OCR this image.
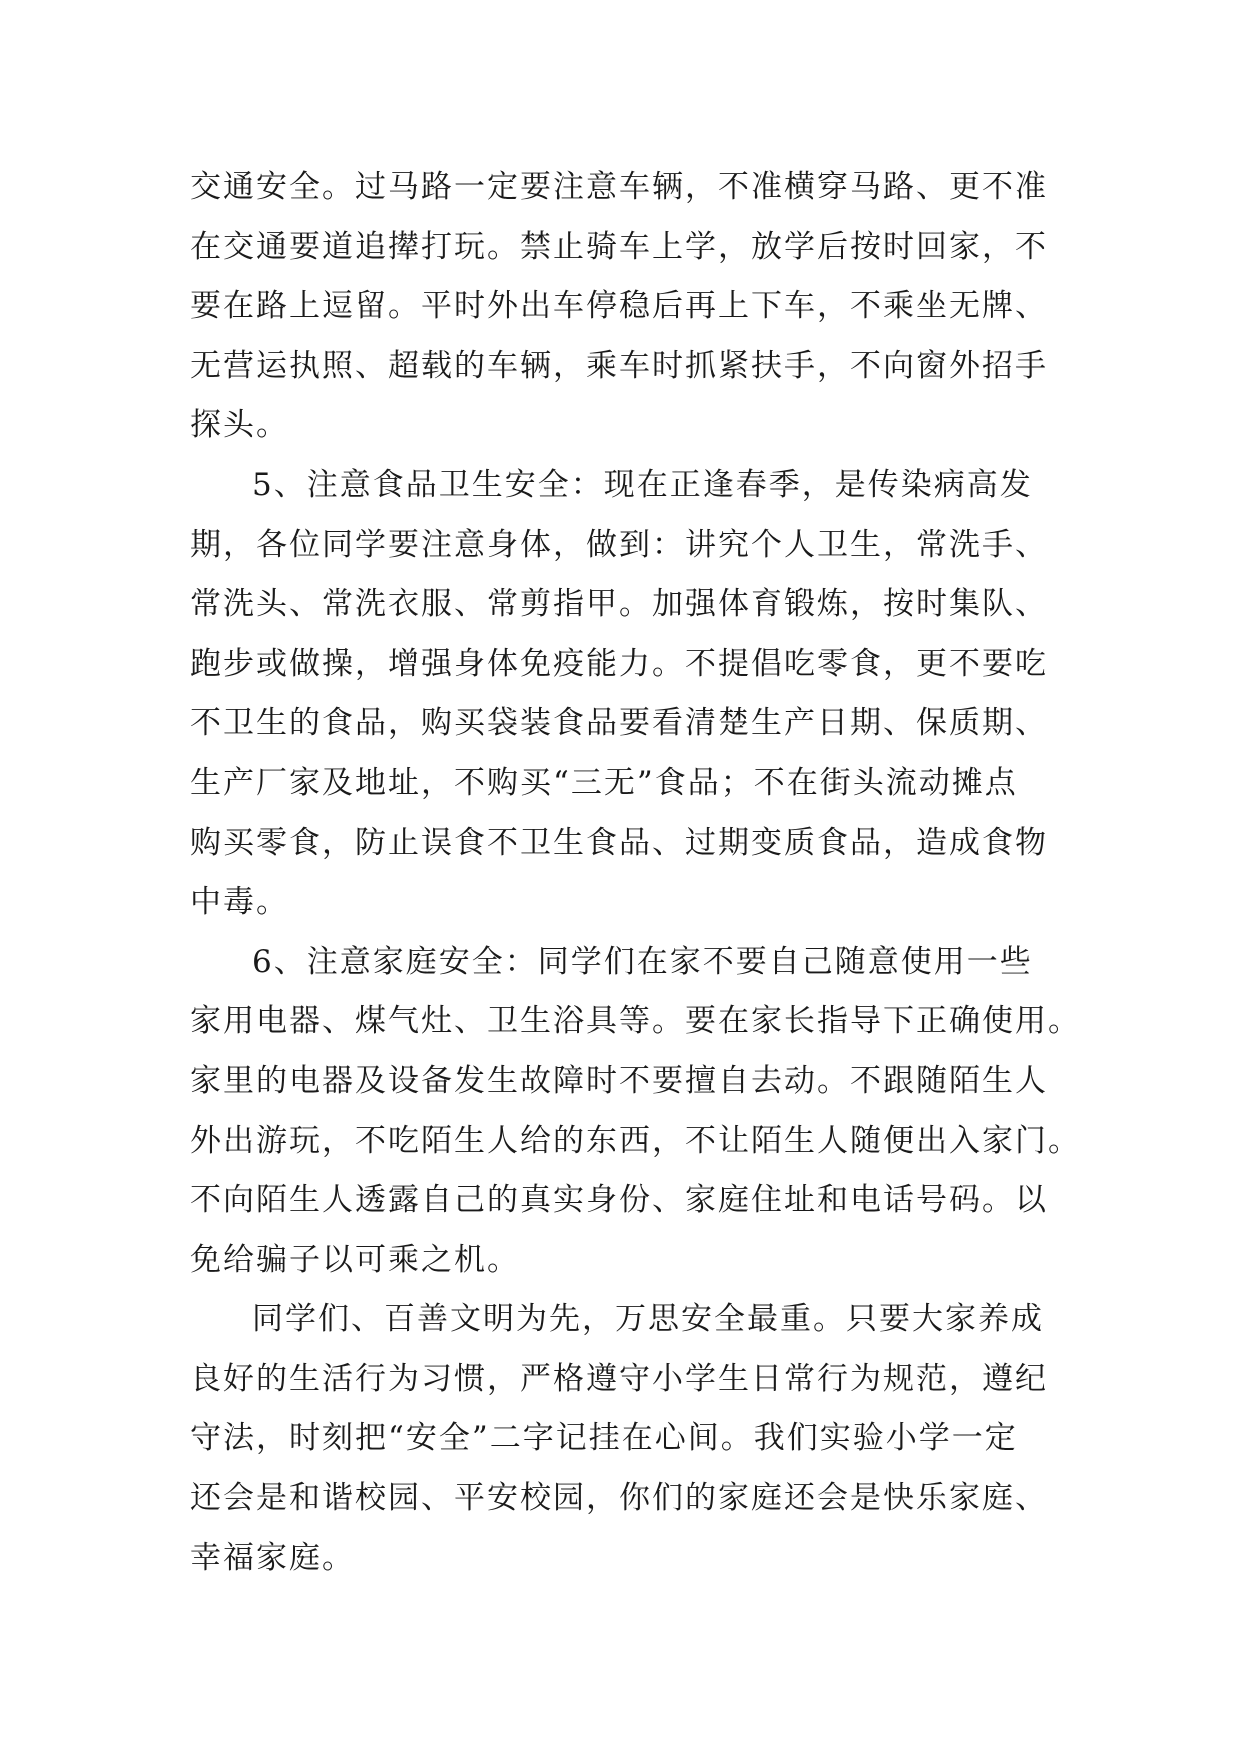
交通安全。过马路一定要注意车辆，不准横穿马路、更不准
在交通要道追撵打玩。禁止骑车上学，放学后按时回家，不
要在路上逗留。平时外出车停稳后再上下车，不乘坐无牌、
无营运执照、超载的车辆，乘车时抓紧扶手，不向窗外招手
探头。
5、注意食品卫生安全：现在正逢春季，是传染病高发
期，各位同学要注意身体，做到：讲究个人卫生，常洗手、
常洗头、常洗衣服、常剪指甲。加强体育锻炼，按时集队、
跑步或做操，增强身体免疫能力。不提倡吃零食，更不要吃
不卫生的食品，购买袋装食品要看清楚生产日期、保质期、
生产厂家及地址，不购买“三无”食品；不在街头流动摊点
购买零食，防止误食不卫生食品、过期变质食品，造成食物
中毒。
6、注意家庭安全：同学们在家不要自己随意使用一些
家用电器、煤气灶、卫生浴具等。要在家长指导下正确使用。
家里的电器及设备发生故障时不要擅自去动。不跟随陌生人
外出游玩，不吃陌生人给的东西，不让陌生人随便出入家门。
不向陌生人透露自己的真实身份、家庭住址和电话号码。以
免给骗子以可乘之机。
同学们、百善文明为先，万思安全最重。只要大家养成
良好的生活行为习惯，严格遵守小学生日常行为规范，遵纪
守法，时刻把“安全”二字记挂在心间。我们实验小学一定
还会是和谐校园、平安校园，你们的家庭还会是快乐家庭、
幸福家庭。
